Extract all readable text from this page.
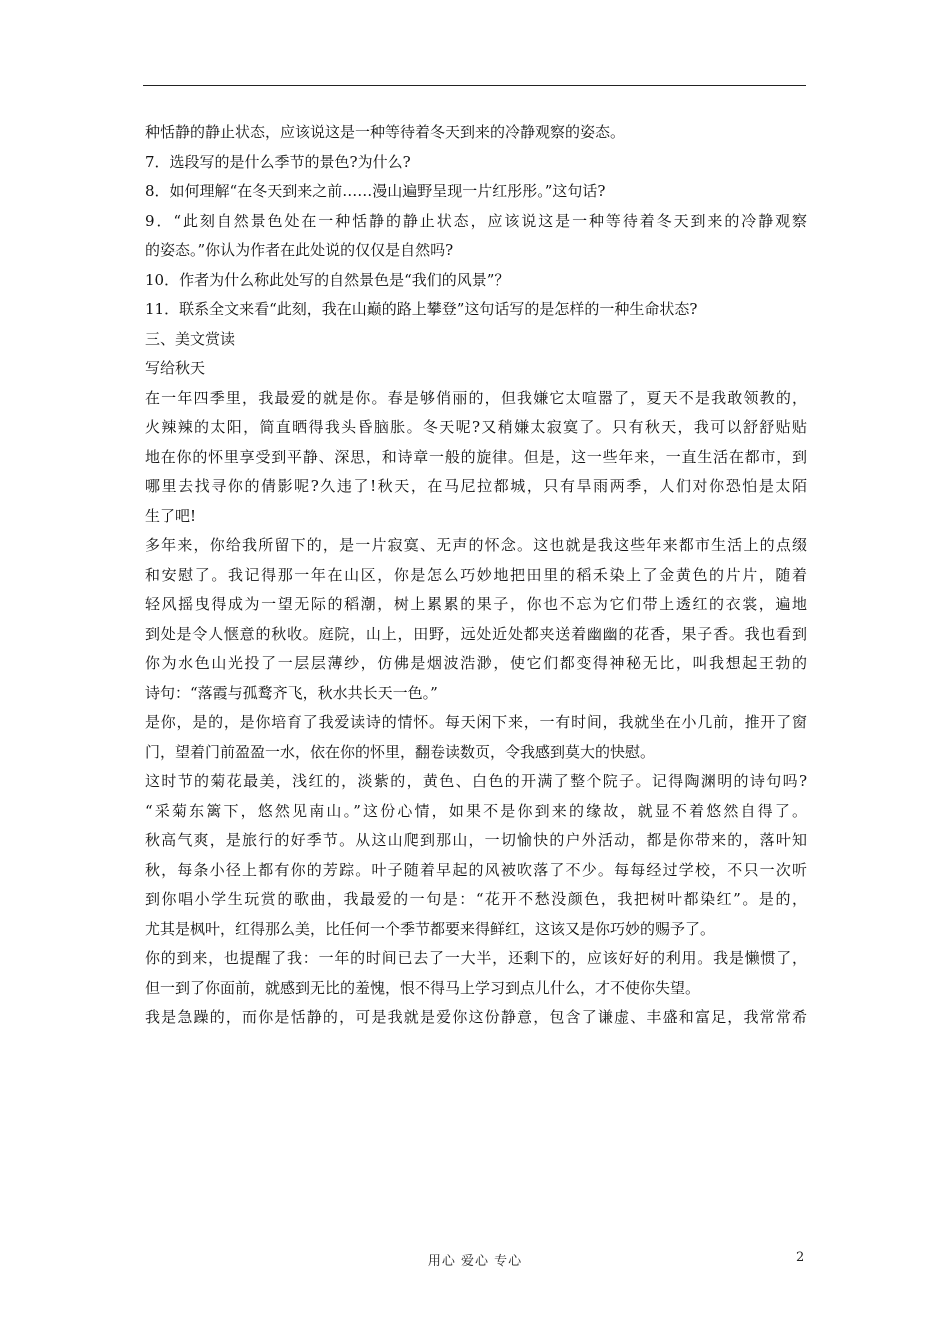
种恬静的静止状态，应该说这是一种等待着冬天到来的冷静观察的姿态。
7．选段写的是什么季节的景色?为什么?
8．如何理解“在冬天到来之前……漫山遍野呈现一片红彤彤。”这句话?
9．“此刻自然景色处在一种恬静的静止状态，应该说这是一种等待着冬天到来的冷静观察
的姿态。”你认为作者在此处说的仅仅是自然吗?
10．作者为什么称此处写的自然景色是“我们的风景”？
11．联系全文来看“此刻，我在山巅的路上攀登”这句话写的是怎样的一种生命状态?
三、美文赏读
写给秋天
在一年四季里，我最爱的就是你。春是够俏丽的，但我嫌它太喧嚣了，夏天不是我敢领教的，
火辣辣的太阳，简直晒得我头昏脑胀。冬天呢?又稍嫌太寂寞了。只有秋天，我可以舒舒贴贴
地在你的怀里享受到平静、深思，和诗章一般的旋律。但是，这一些年来，一直生活在都市，到
哪里去找寻你的倩影呢?久违了!秋天，在马尼拉都城，只有旱雨两季，人们对你恐怕是太陌
生了吧!
多年来，你给我所留下的，是一片寂寞、无声的怀念。这也就是我这些年来都市生活上的点缀
和安慰了。我记得那一年在山区，你是怎么巧妙地把田里的稻禾染上了金黄色的片片，随着
轻风摇曳得成为一望无际的稻潮，树上累累的果子，你也不忘为它们带上透红的衣裳，遍地
到处是令人惬意的秋收。庭院，山上，田野，远处近处都夹送着幽幽的花香，果子香。我也看到
你为水色山光投了一层层薄纱，仿佛是烟波浩渺，使它们都变得神秘无比，叫我想起王勃的
诗句：“落霞与孤鹜齐飞，秋水共长天一色。”
是你，是的，是你培育了我爱读诗的情怀。每天闲下来，一有时间，我就坐在小几前，推开了窗
门，望着门前盈盈一水，依在你的怀里，翻卷读数页，令我感到莫大的快慰。
这时节的菊花最美，浅红的，淡紫的，黄色、白色的开满了整个院子。记得陶渊明的诗句吗?
“采菊东篱下，悠然见南山。”这份心情，如果不是你到来的缘故，就显不着悠然自得了。
秋高气爽，是旅行的好季节。从这山爬到那山，一切愉快的户外活动，都是你带来的，落叶知
秋，每条小径上都有你的芳踪。叶子随着早起的风被吹落了不少。每每经过学校，不只一次听
到你唱小学生玩赏的歌曲，我最爱的一句是：“花开不愁没颜色，我把树叶都染红”。是的，
尤其是枫叶，红得那么美，比任何一个季节都要来得鲜红，这该又是你巧妙的赐予了。
你的到来，也提醒了我：一年的时间已去了一大半，还剩下的，应该好好的利用。我是懒惯了，
但一到了你面前，就感到无比的羞愧，恨不得马上学习到点儿什么，才不使你失望。
我是急躁的，而你是恬静的，可是我就是爱你这份静意，包含了谦虚、丰盛和富足，我常常希
用心 爱心 专心	2
